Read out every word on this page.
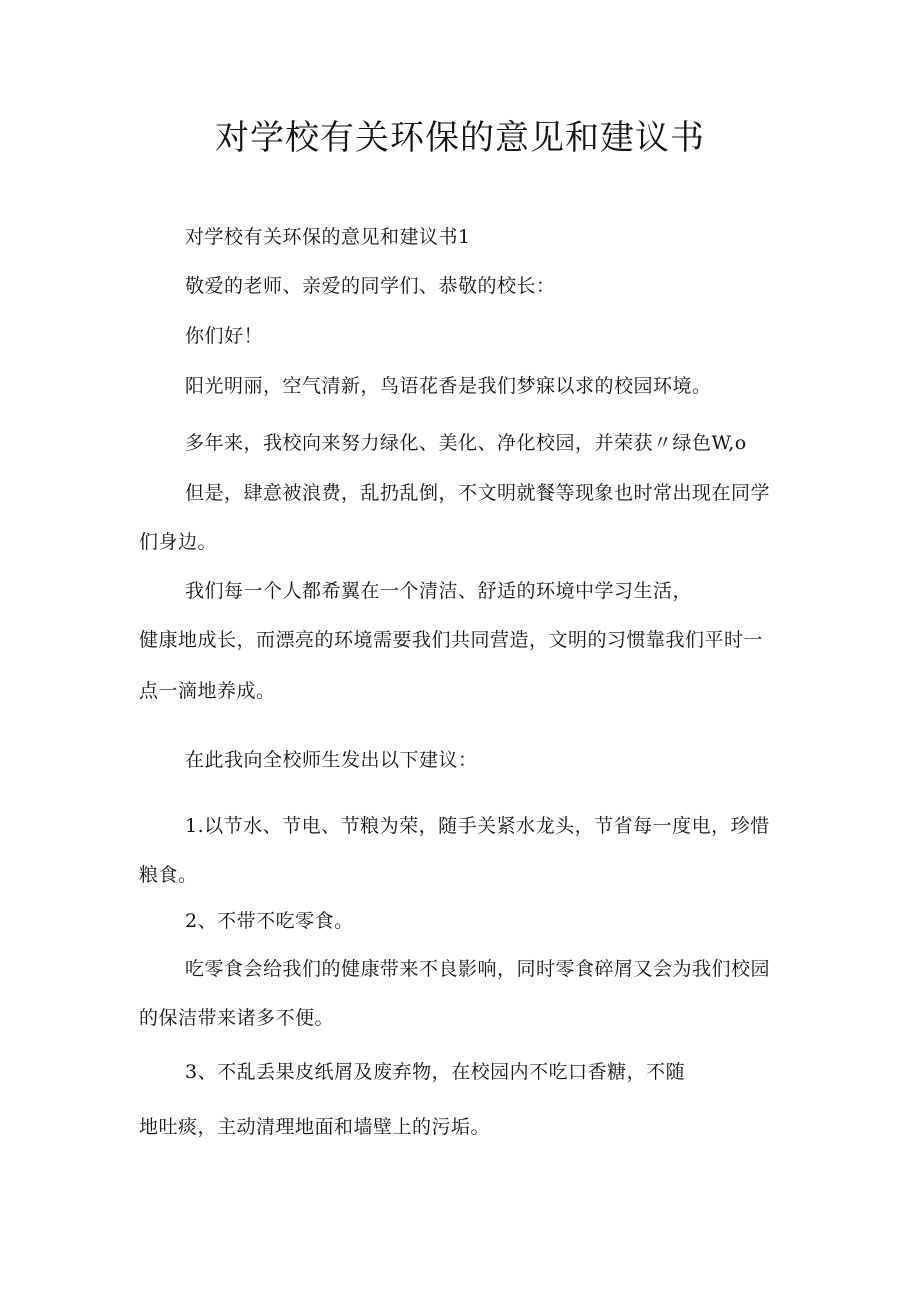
对学校有关环保的意见和建议书

对学校有关环保的意见和建议书1

敬爱的老师、亲爱的同学们、恭敬的校长：

你们好！

阳光明丽，空气清新，鸟语花香是我们梦寐以求的校园环境。

多年来，我校向来努力绿化、美化、净化校园，并荣获〃绿色W,o

但是，肆意被浪费，乱扔乱倒，不文明就餐等现象也时常出现在同学

们身边。

我们每一个人都希翼在一个清洁、舒适的环境中学习生活，

健康地成长，而漂亮的环境需要我们共同营造，文明的习惯靠我们平时一

点一滴地养成。

在此我向全校师生发出以下建议：

1.以节水、节电、节粮为荣，随手关紧水龙头，节省每一度电，珍惜

粮食。

2、不带不吃零食。

吃零食会给我们的健康带来不良影响，同时零食碎屑又会为我们校园

的保洁带来诸多不便。

3、不乱丢果皮纸屑及废弃物，在校园内不吃口香糖，不随

地吐痰，主动清理地面和墙壁上的污垢。
